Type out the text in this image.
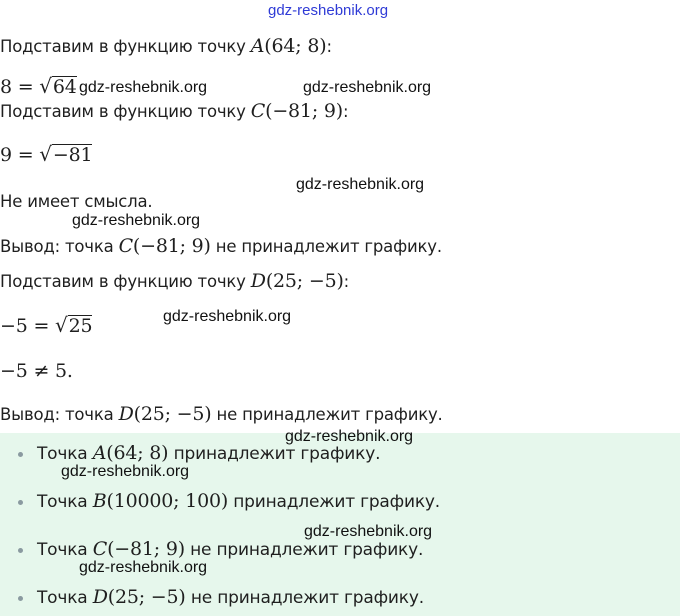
gdz-reshebnik.org
gdz-reshebnik.org	gdz-reshebnik.org
gdz-reshebnik.org
gdz-reshebnik.org
gdz-reshebnik.org
Подставим в функцию точку A(64; 8):
8 = √64
Подставим в функцию точку C(−81; 9):
9 = √−81
Не имеет смысла.
Вывод: точка C(−81; 9) не принадлежит графику.
Подставим в функцию точку D(25; −5):
−5 = √25
−5 ≠ 5.
Вывод: точка D(25; −5) не принадлежит графику.
Точка A(64; 8) принадлежит графику.
Точка B(10000; 100) принадлежит графику.
Точка C(−81; 9) не принадлежит графику.
Точка D(25; −5) не принадлежит графику.
gdz-reshebnik.org
gdz-reshebnik.org
gdz-reshebnik.org
gdz-reshebnik.org
